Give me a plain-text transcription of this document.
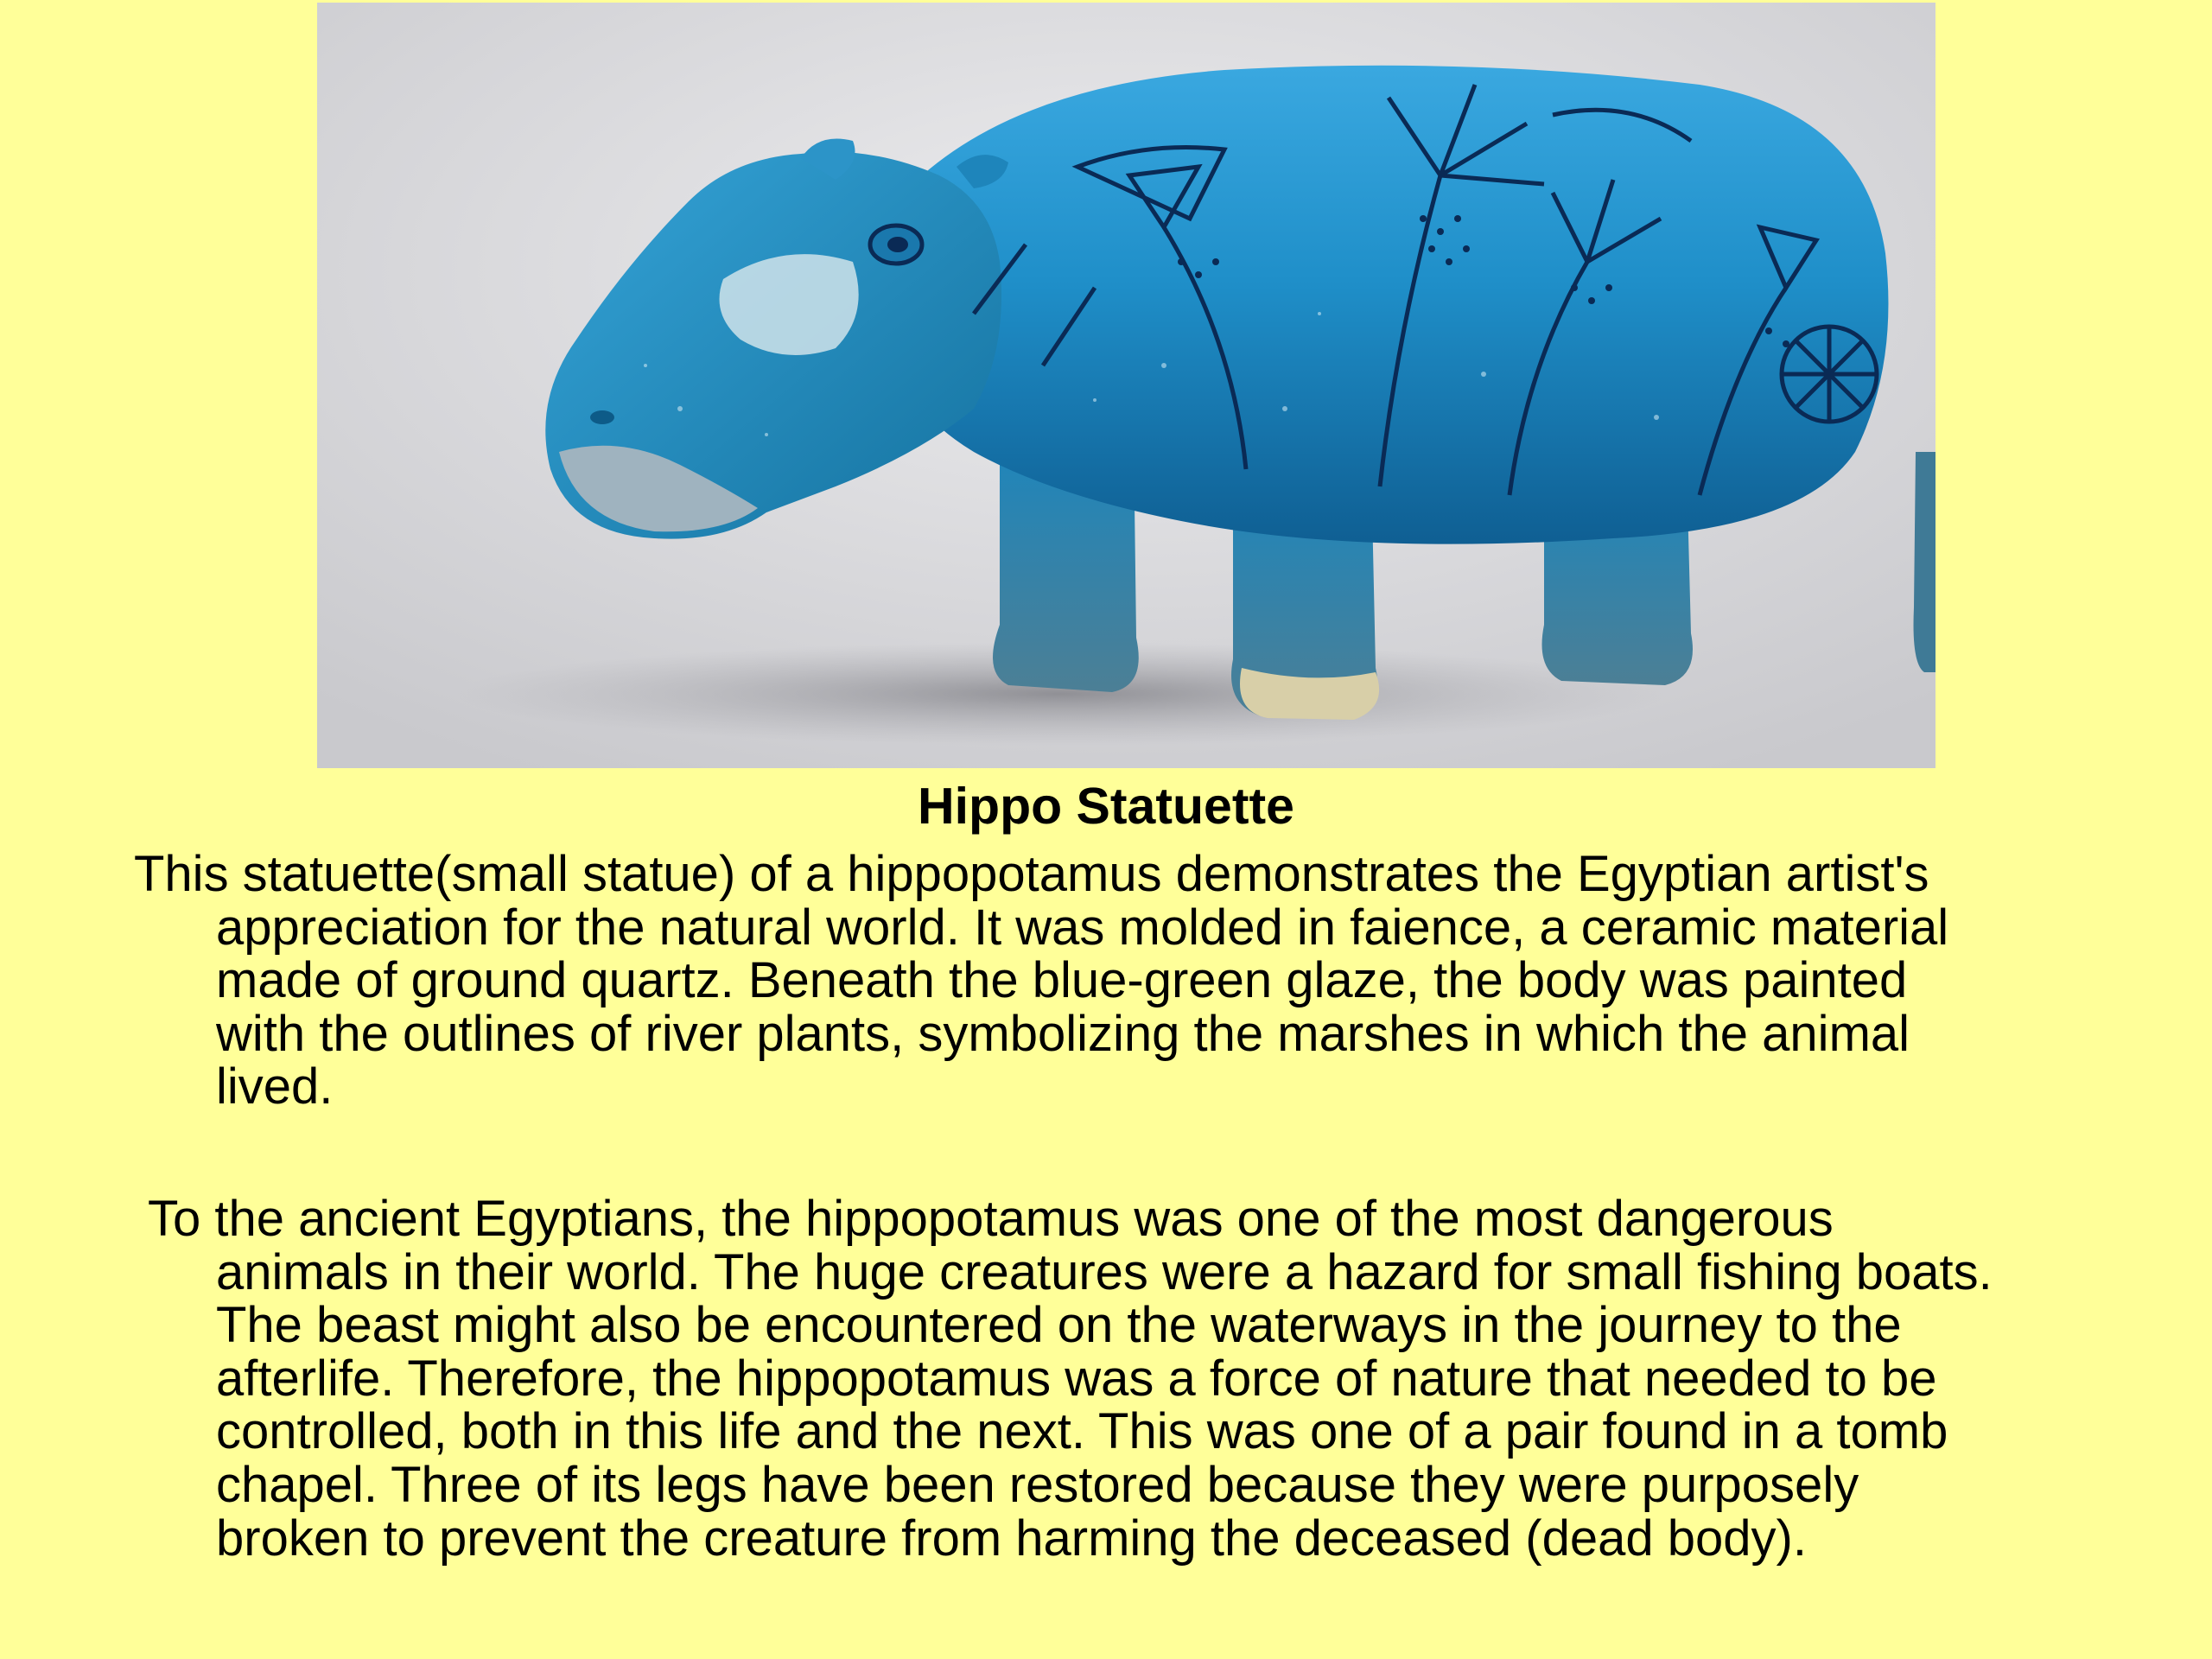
Hippo Statuette

This statuette(small statue) of a hippopotamus demonstrates the Egyptian artist's
appreciation for the natural world. It was molded in faience, a ceramic material
made of ground quartz. Beneath the blue-green glaze, the body was painted
with the outlines of river plants, symbolizing the marshes in which the animal
lived.

To the ancient Egyptians, the hippopotamus was one of the most dangerous
animals in their world. The huge creatures were a hazard for small fishing boats.
The beast might also be encountered on the waterways in the journey to the
afterlife. Therefore, the hippopotamus was a force of nature that needed to be
controlled, both in this life and the next. This was one of a pair found in a tomb
chapel. Three of its legs have been restored because they were purposely
broken to prevent the creature from harming the deceased (dead body).
